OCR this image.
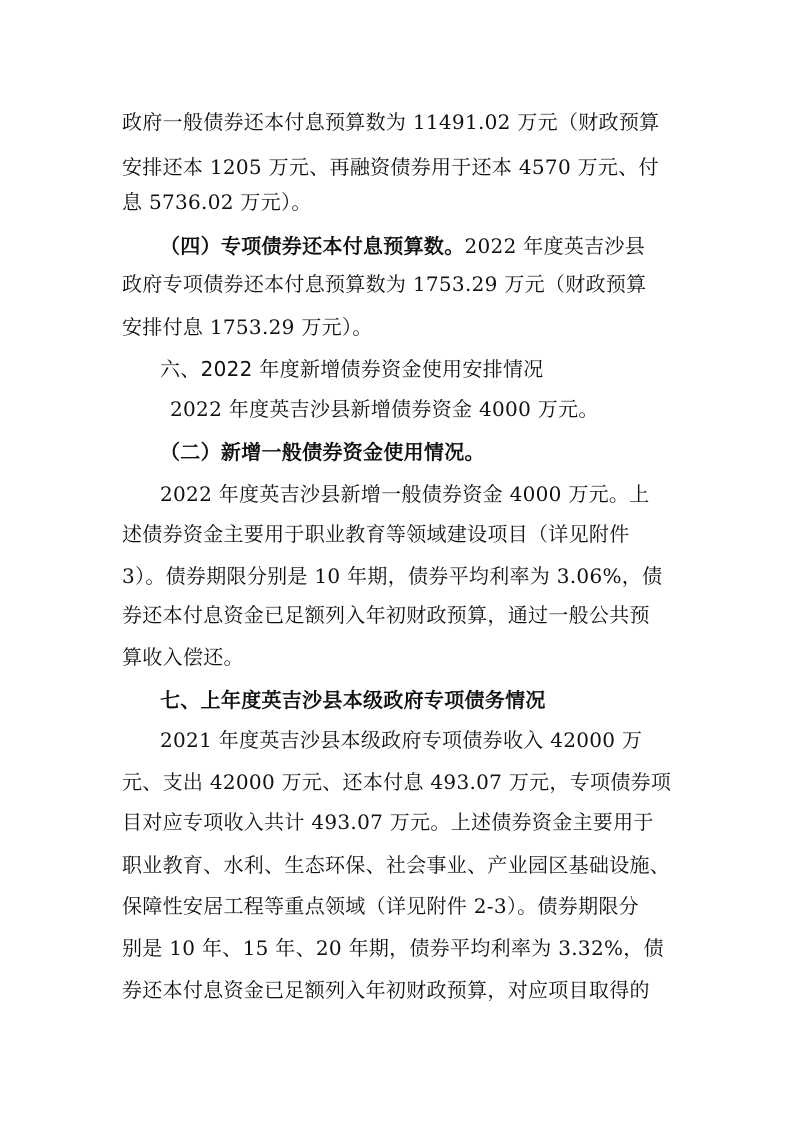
政府一般债券还本付息预算数为 11491.02 万元（财政预算
安排还本 1205 万元、再融资债券用于还本 4570 万元、付
息 5736.02 万元）。
（四）专项债券还本付息预算数。2022 年度英吉沙县
政府专项债券还本付息预算数为 1753.29 万元（财政预算
安排付息 1753.29 万元）。
六、2022 年度新增债券资金使用安排情况
2022 年度英吉沙县新增债券资金 4000 万元。
（二）新增一般债券资金使用情况。
2022 年度英吉沙县新增一般债券资金 4000 万元。上
述债券资金主要用于职业教育等领域建设项目（详见附件
3）。债券期限分别是 10 年期，债券平均利率为 3.06%，债
券还本付息资金已足额列入年初财政预算，通过一般公共预
算收入偿还。
七、上年度英吉沙县本级政府专项债务情况
2021 年度英吉沙县本级政府专项债券收入 42000 万
元、支出 42000 万元、还本付息 493.07 万元，专项债券项
目对应专项收入共计 493.07 万元。上述债券资金主要用于
职业教育、水利、生态环保、社会事业、产业园区基础设施、
保障性安居工程等重点领域（详见附件 2-3）。债券期限分
别是 10 年、15 年、20 年期，债券平均利率为 3.32%，债
券还本付息资金已足额列入年初财政预算，对应项目取得的
